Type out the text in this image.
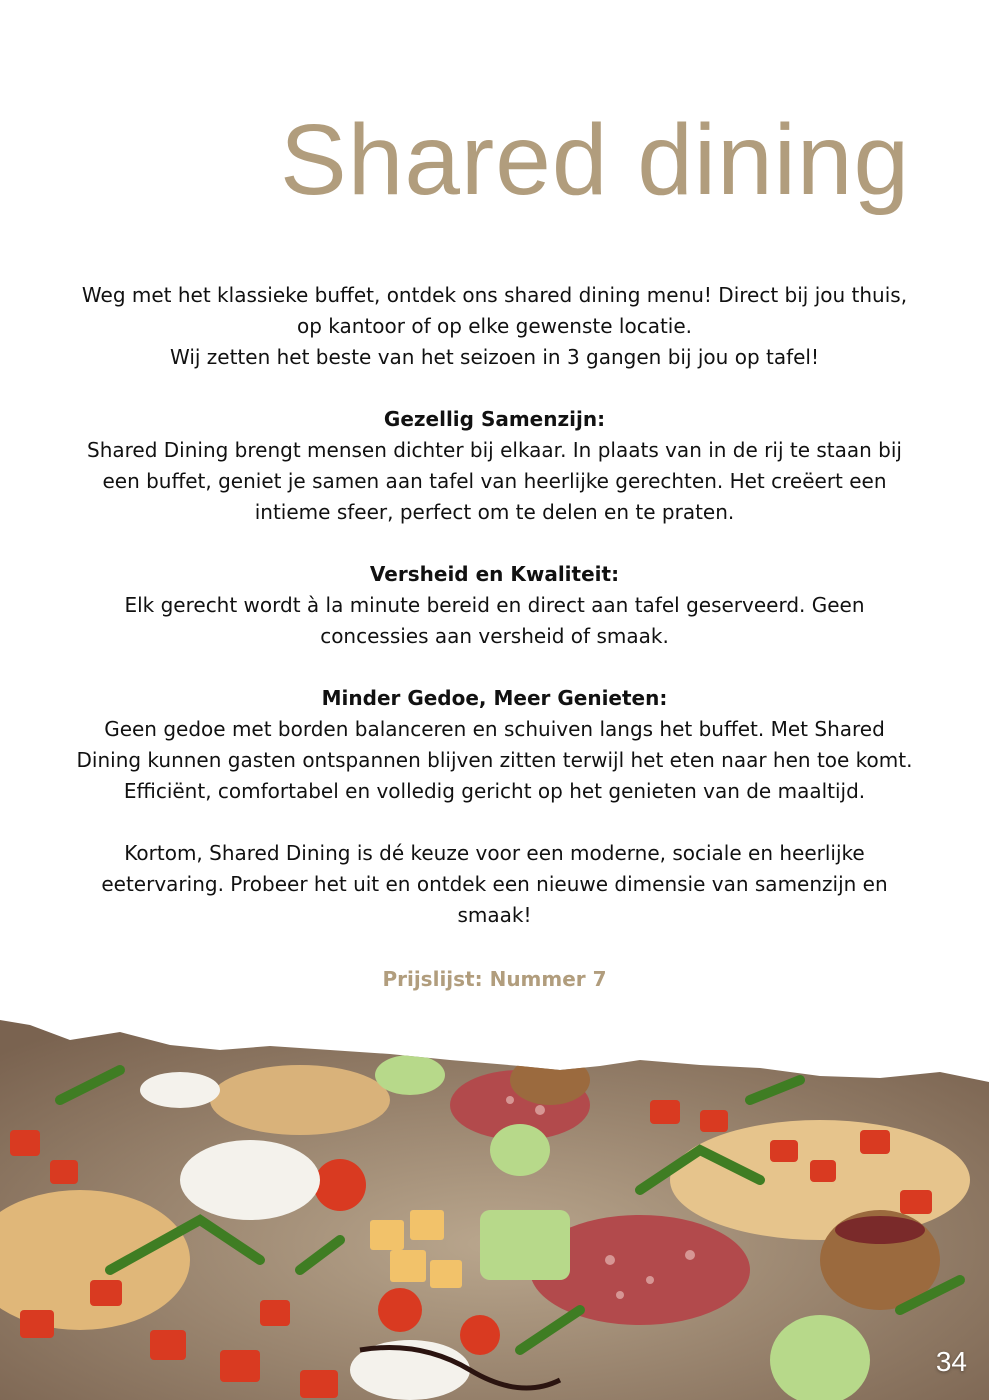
Shared dining

Weg met het klassieke buffet, ontdek ons shared dining menu! Direct bij jou thuis,

op kantoor of op elke gewenste locatie.

Wij zetten het beste van het seizoen in 3 gangen bij jou op tafel!

Gezellig Samenzijn:

Shared Dining brengt mensen dichter bij elkaar. In plaats van in de rij te staan bij

een buffet, geniet je samen aan tafel van heerlijke gerechten. Het creëert een

intieme sfeer, perfect om te delen en te praten.

Versheid en Kwaliteit:

Elk gerecht wordt à la minute bereid en direct aan tafel geserveerd. Geen

concessies aan versheid of smaak.

Minder Gedoe, Meer Genieten:

Geen gedoe met borden balanceren en schuiven langs het buffet. Met Shared

Dining kunnen gasten ontspannen blijven zitten terwijl het eten naar hen toe komt.

Efficiënt, comfortabel en volledig gericht op het genieten van de maaltijd.

Kortom, Shared Dining is dé keuze voor een moderne, sociale en heerlijke

eetervaring. Probeer het uit en ontdek een nieuwe dimensie van samenzijn en

smaak!

Prijslijst: Nummer 7
34
